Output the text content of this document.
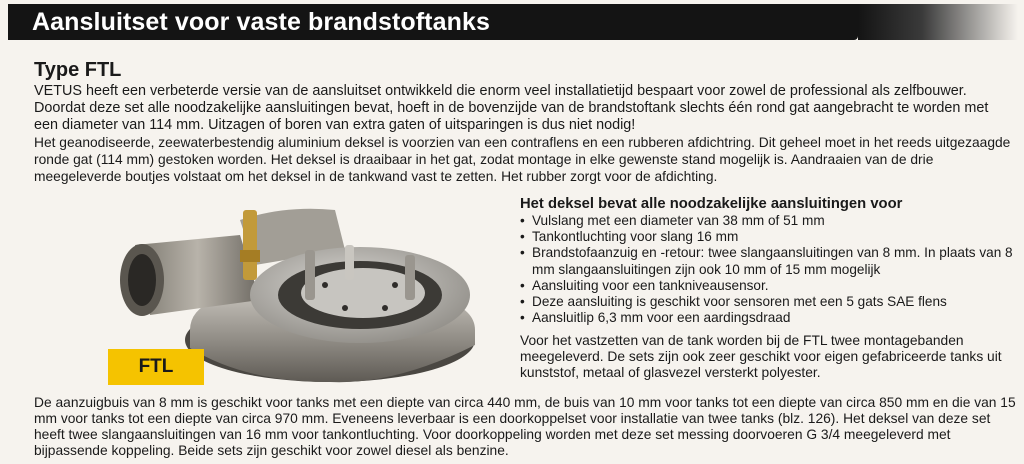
Aansluitset voor vaste brandstoftanks
Type FTL

VETUS heeft een verbeterde versie van de aansluitset ontwikkeld die enorm veel installatietijd bespaart voor zowel de professional als zelfbouwer. Doordat deze set alle noodzakelijke aansluitingen bevat, hoeft in de bovenzijde van de brandstoftank slechts één rond gat aangebracht te worden met een diameter van 114 mm. Uitzagen of boren van extra gaten of uitsparingen is dus niet nodig!

Het geanodiseerde, zeewaterbestendig aluminium deksel is voorzien van een contraflens en een rubberen afdichtring. Dit geheel moet in het reeds uitgezaagde ronde gat (114 mm) gestoken worden. Het deksel is draaibaar in het gat, zodat montage in elke gewenste stand mogelijk is. Aandraaien van de drie meegeleverde boutjes volstaat om het deksel in de tankwand vast te zetten. Het rubber zorgt voor de afdichting.

FTL
Het deksel bevat alle noodzakelijke aansluitingen voor
• Vulslang met een diameter van 38 mm of 51 mm
• Tankontluchting voor slang 16 mm
• Brandstofaanzuig en -retour: twee slangaansluitingen van 8 mm. In plaats van 8 mm slangaansluitingen zijn ook 10 mm of 15 mm mogelijk
• Aansluiting voor een tankniveausensor.
• Deze aansluiting is geschikt voor sensoren met een 5 gats SAE flens
• Aansluitlip 6,3 mm voor een aardingsdraad

Voor het vastzetten van de tank worden bij de FTL twee montagebanden meegeleverd. De sets zijn ook zeer geschikt voor eigen gefabriceerde tanks uit kunststof, metaal of glasvezel versterkt polyester.

De aanzuigbuis van 8 mm is geschikt voor tanks met een diepte van circa 440 mm, de buis van 10 mm voor tanks tot een diepte van circa 850 mm en die van 15 mm voor tanks tot een diepte van circa 970 mm. Eveneens leverbaar is een doorkoppelset voor installatie van twee tanks (blz. 126). Het deksel van deze set heeft twee slangaansluitingen van 16 mm voor tankontluchting. Voor doorkoppeling worden met deze set messing doorvoeren G 3/4 meegeleverd met bijpassende koppeling. Beide sets zijn geschikt voor zowel diesel als benzine.
